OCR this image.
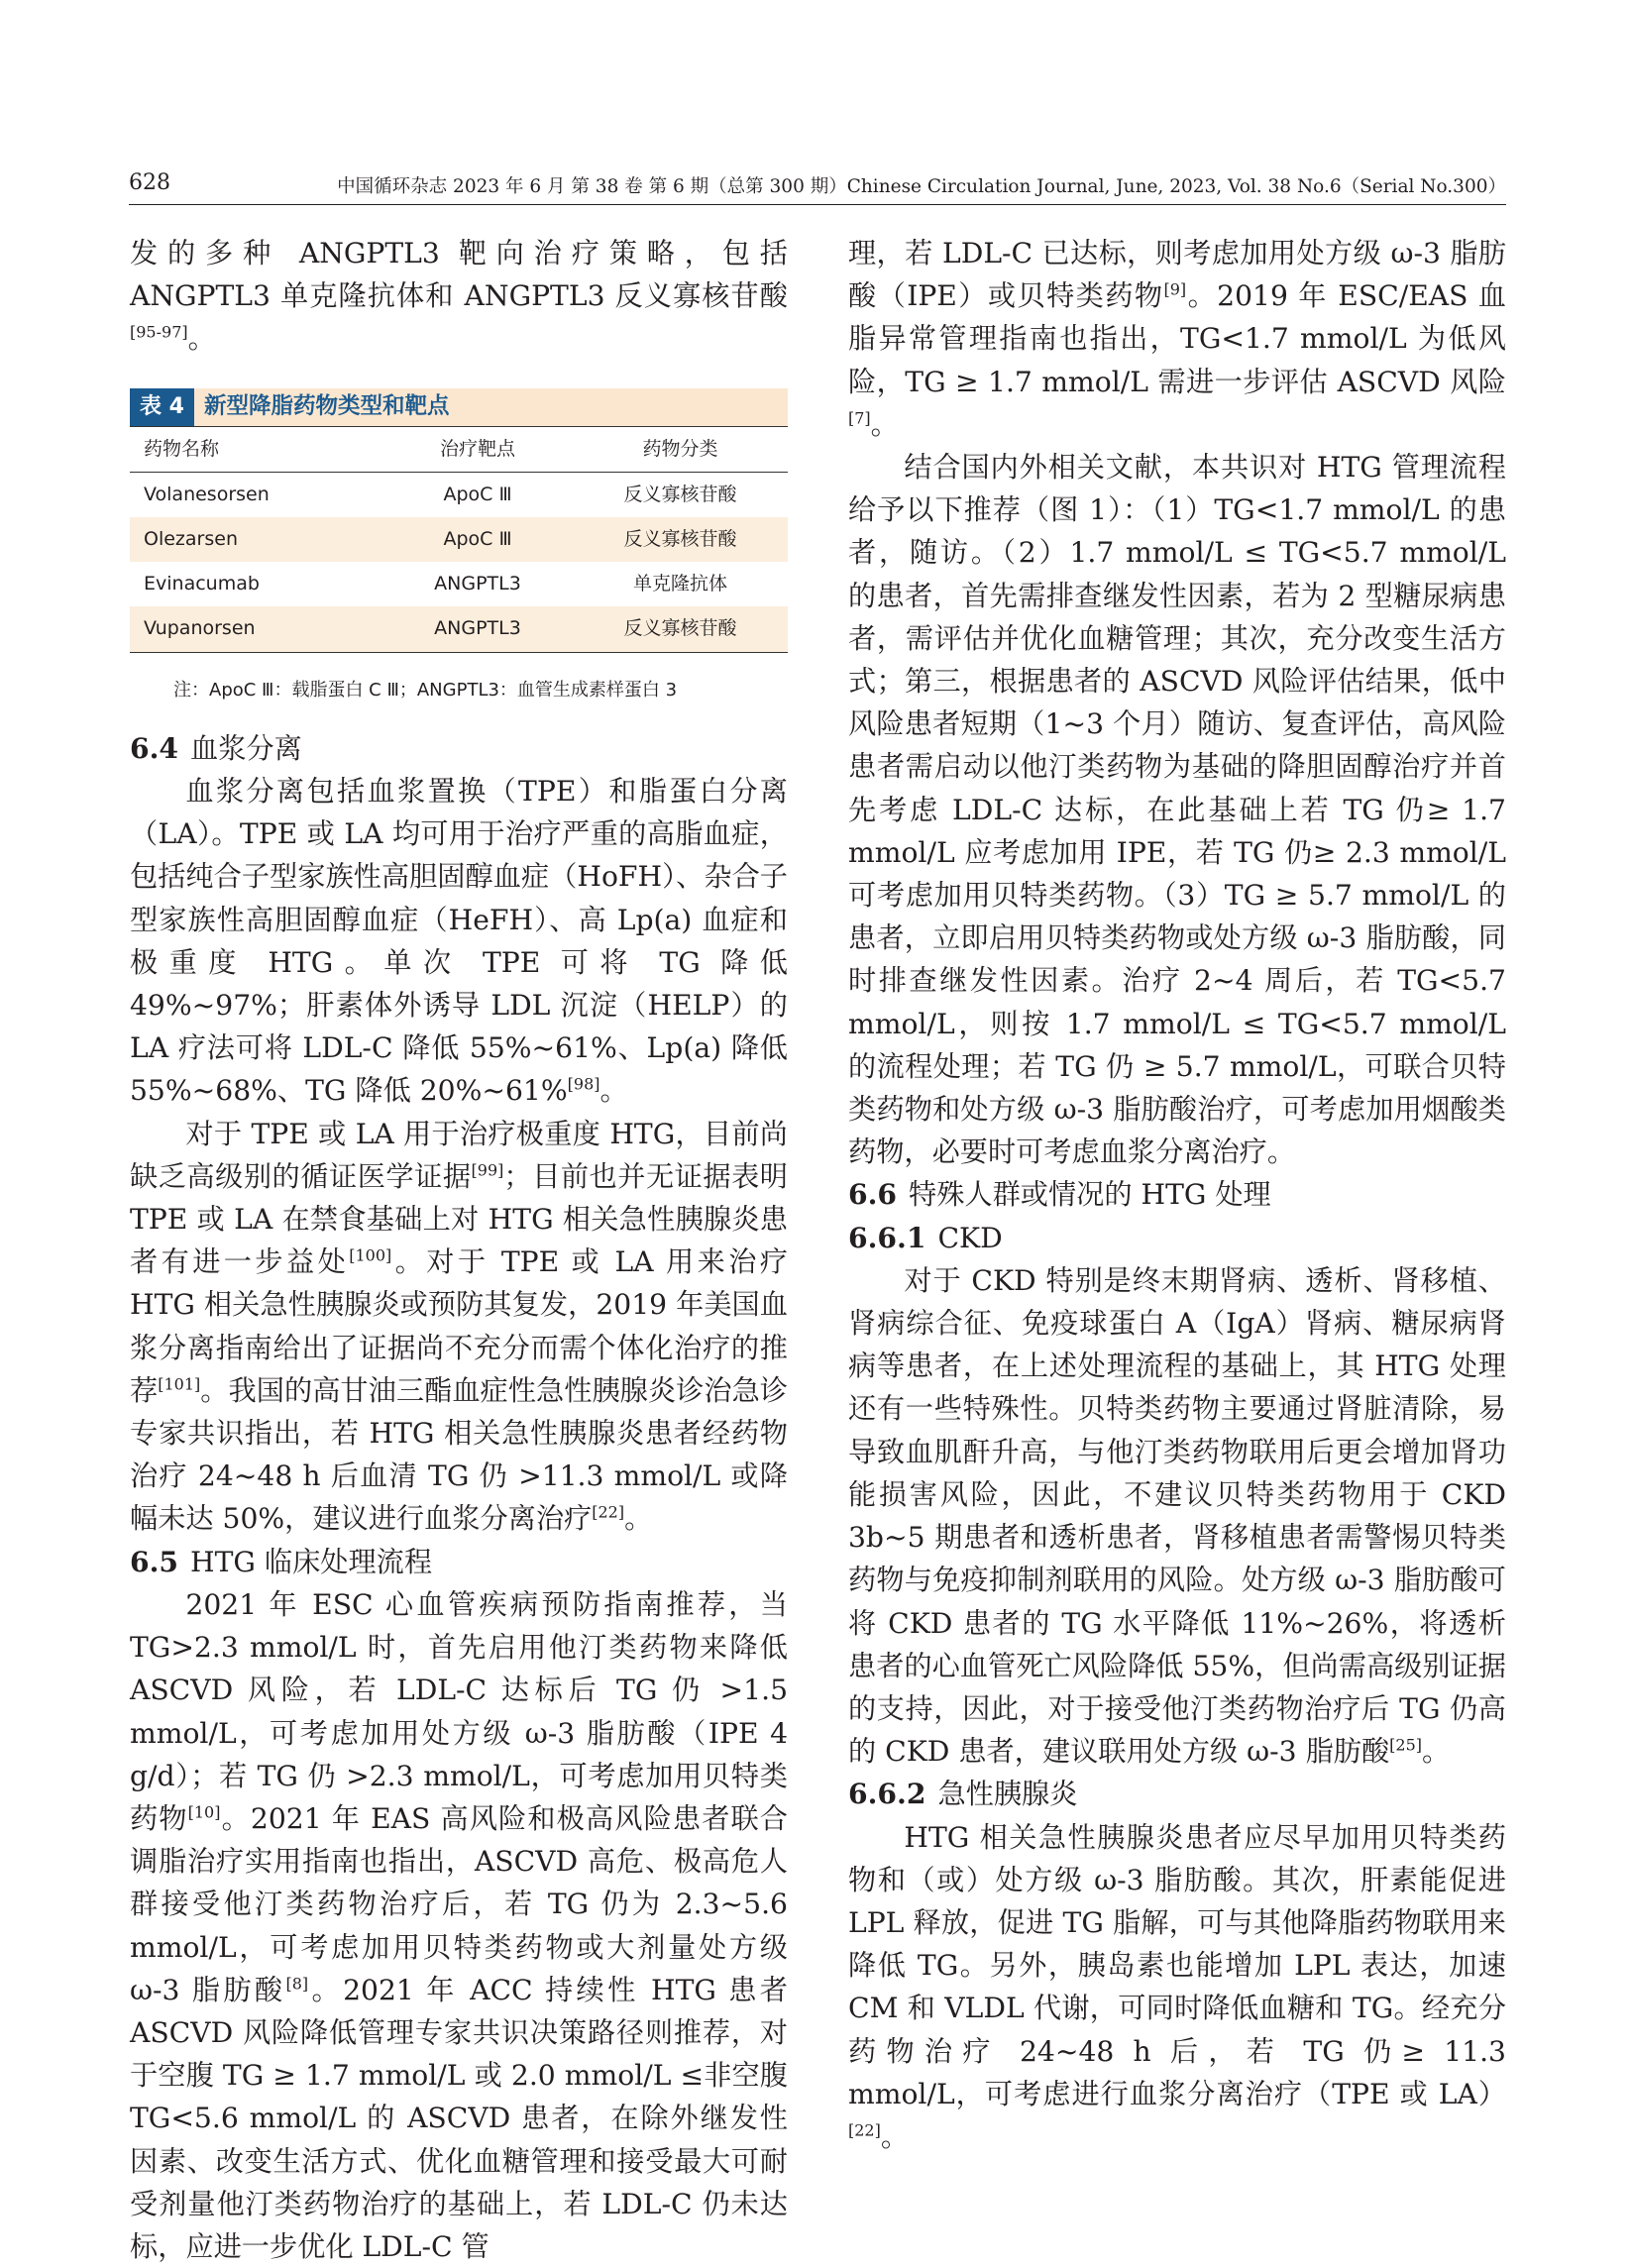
628	中国循环杂志 2023 年 6 月 第 38 卷 第 6 期（总第 300 期）Chinese Circulation Journal, June, 2023, Vol. 38 No.6（Serial No.300）

发的多种 ANGPTL3 靶向治疗策略，包括 ANGPTL3 单克隆抗体和 ANGPTL3 反义寡核苷酸[95-97]。

表 4 新型降脂药物类型和靶点
药物名称	治疗靶点	药物分类
Volanesorsen	ApoC Ⅲ	反义寡核苷酸
Olezarsen	ApoC Ⅲ	反义寡核苷酸
Evinacumab	ANGPTL3	单克隆抗体
Vupanorsen	ANGPTL3	反义寡核苷酸
注：ApoC Ⅲ：载脂蛋白 C Ⅲ；ANGPTL3：血管生成素样蛋白 3
6.4 血浆分离

血浆分离包括血浆置换（TPE）和脂蛋白分离（LA）。TPE 或 LA 均可用于治疗严重的高脂血症，包括纯合子型家族性高胆固醇血症（HoFH）、杂合子型家族性高胆固醇血症（HeFH）、高 Lp(a) 血症和极重度 HTG。单次 TPE 可将 TG 降低 49%~97%；肝素体外诱导 LDL 沉淀（HELP）的 LA 疗法可将 LDL-C 降低 55%~61%、Lp(a) 降低 55%~68%、TG 降低 20%~61%[98]。

对于 TPE 或 LA 用于治疗极重度 HTG，目前尚缺乏高级别的循证医学证据[99]；目前也并无证据表明 TPE 或 LA 在禁食基础上对 HTG 相关急性胰腺炎患者有进一步益处[100]。对于 TPE 或 LA 用来治疗 HTG 相关急性胰腺炎或预防其复发，2019 年美国血浆分离指南给出了证据尚不充分而需个体化治疗的推荐[101]。我国的高甘油三酯血症性急性胰腺炎诊治急诊专家共识指出，若 HTG 相关急性胰腺炎患者经药物治疗 24~48 h 后血清 TG 仍 >11.3 mmol/L 或降幅未达 50%，建议进行血浆分离治疗[22]。

6.5 HTG 临床处理流程

2021 年 ESC 心血管疾病预防指南推荐，当 TG>2.3 mmol/L 时，首先启用他汀类药物来降低 ASCVD 风险，若 LDL-C 达标后 TG 仍 >1.5 mmol/L，可考虑加用处方级 ω-3 脂肪酸（IPE 4 g/d）；若 TG 仍 >2.3 mmol/L，可考虑加用贝特类药物[10]。2021 年 EAS 高风险和极高风险患者联合调脂治疗实用指南也指出，ASCVD 高危、极高危人群接受他汀类药物治疗后，若 TG 仍为 2.3~5.6 mmol/L，可考虑加用贝特类药物或大剂量处方级 ω-3 脂肪酸[8]。2021 年 ACC 持续性 HTG 患者 ASCVD 风险降低管理专家共识决策路径则推荐，对于空腹 TG ≥ 1.7 mmol/L 或 2.0 mmol/L ≤非空腹 TG<5.6 mmol/L 的 ASCVD 患者，在除外继发性因素、改变生活方式、优化血糖管理和接受最大可耐受剂量他汀类药物治疗的基础上，若 LDL-C 仍未达标，应进一步优化 LDL-C 管

理，若 LDL-C 已达标，则考虑加用处方级 ω-3 脂肪酸（IPE）或贝特类药物[9]。2019 年 ESC/EAS 血脂异常管理指南也指出，TG<1.7 mmol/L 为低风险，TG ≥ 1.7 mmol/L 需进一步评估 ASCVD 风险[7]。

结合国内外相关文献，本共识对 HTG 管理流程给予以下推荐（图 1）：（1）TG<1.7 mmol/L 的患者，随访。（2）1.7 mmol/L ≤ TG<5.7 mmol/L 的患者，首先需排查继发性因素，若为 2 型糖尿病患者，需评估并优化血糖管理；其次，充分改变生活方式；第三，根据患者的 ASCVD 风险评估结果，低中风险患者短期（1~3 个月）随访、复查评估，高风险患者需启动以他汀类药物为基础的降胆固醇治疗并首先考虑 LDL-C 达标，在此基础上若 TG 仍≥ 1.7 mmol/L 应考虑加用 IPE，若 TG 仍≥ 2.3 mmol/L 可考虑加用贝特类药物。（3）TG ≥ 5.7 mmol/L 的患者，立即启用贝特类药物或处方级 ω-3 脂肪酸，同时排查继发性因素。治疗 2~4 周后，若 TG<5.7 mmol/L，则按 1.7 mmol/L ≤ TG<5.7 mmol/L 的流程处理；若 TG 仍 ≥ 5.7 mmol/L，可联合贝特类药物和处方级 ω-3 脂肪酸治疗，可考虑加用烟酸类药物，必要时可考虑血浆分离治疗。

6.6 特殊人群或情况的 HTG 处理
6.6.1 CKD

对于 CKD 特别是终末期肾病、透析、肾移植、肾病综合征、免疫球蛋白 A（IgA）肾病、糖尿病肾病等患者，在上述处理流程的基础上，其 HTG 处理还有一些特殊性。贝特类药物主要通过肾脏清除，易导致血肌酐升高，与他汀类药物联用后更会增加肾功能损害风险，因此，不建议贝特类药物用于 CKD 3b~5 期患者和透析患者，肾移植患者需警惕贝特类药物与免疫抑制剂联用的风险。处方级 ω-3 脂肪酸可将 CKD 患者的 TG 水平降低 11%~26%，将透析患者的心血管死亡风险降低 55%，但尚需高级别证据的支持，因此，对于接受他汀类药物治疗后 TG 仍高的 CKD 患者，建议联用处方级 ω-3 脂肪酸[25]。

6.6.2 急性胰腺炎

HTG 相关急性胰腺炎患者应尽早加用贝特类药物和（或）处方级 ω-3 脂肪酸。其次，肝素能促进 LPL 释放，促进 TG 脂解，可与其他降脂药物联用来降低 TG。另外，胰岛素也能增加 LPL 表达，加速 CM 和 VLDL 代谢，可同时降低血糖和 TG。经充分药物治疗 24~48 h 后，若 TG 仍≥ 11.3 mmol/L，可考虑进行血浆分离治疗（TPE 或 LA）[22]。
